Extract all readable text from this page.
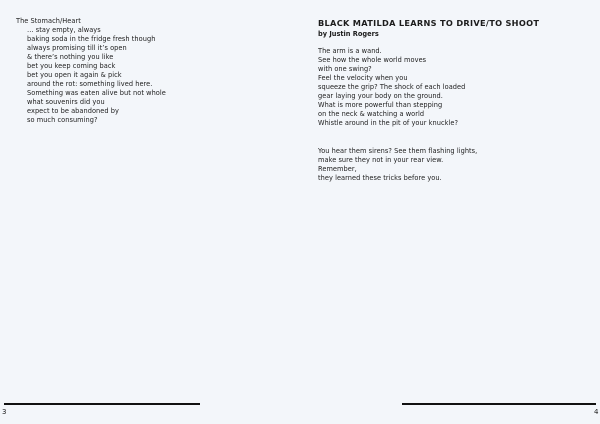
The Stomach/Heart
… stay empty, always
baking soda in the fridge fresh though
always promising till it’s open
& there’s nothing you like
bet you keep coming back
bet you open it again & pick
around the rot: something lived here.
Something was eaten alive but not whole
what souvenirs did you
expect to be abandoned by
so much consuming?
3
BLACK MATILDA LEARNS TO DRIVE/TO SHOOT
by Justin Rogers
The arm is a wand.
See how the whole world moves
with one swing?
Feel the velocity when you
squeeze the grip? The shock of each loaded
gear laying your body on the ground.
What is more powerful than stepping
on the neck & watching a world
Whistle around in the pit of your knuckle?
You hear them sirens? See them flashing lights,
make sure they not in your rear view.
Remember,
they learned these tricks before you.
4
